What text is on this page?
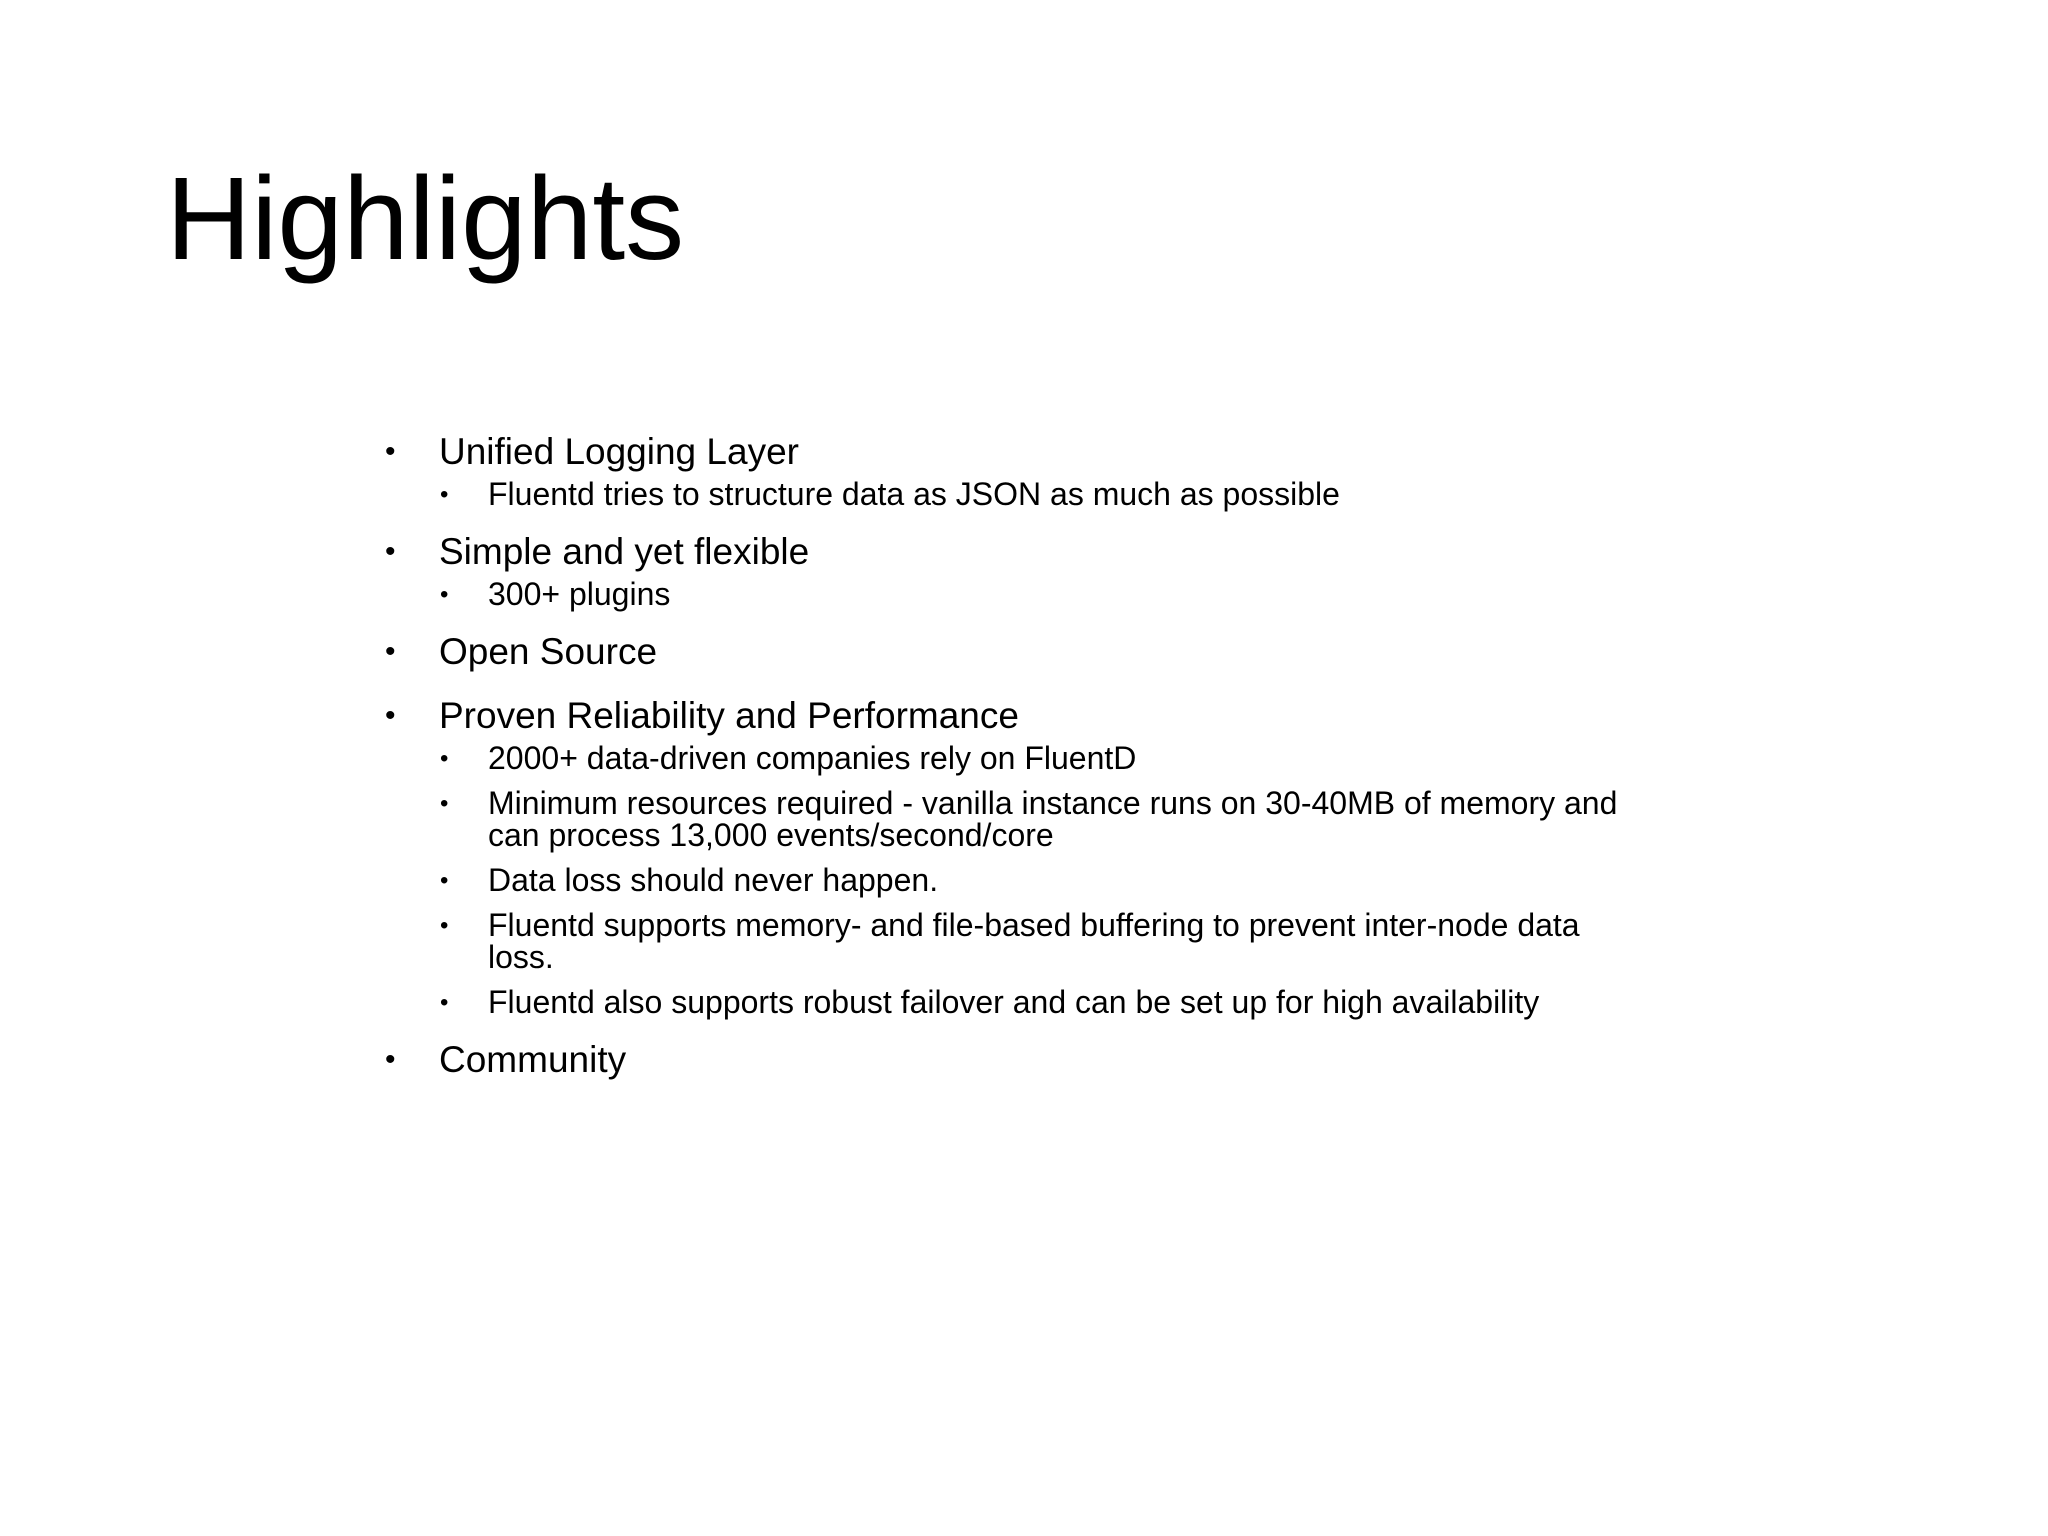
Highlights
• Unified Logging Layer
• Fluentd tries to structure data as JSON as much as possible
• Simple and yet flexible
• 300+ plugins
• Open Source
• Proven Reliability and Performance
• 2000+ data-driven companies rely on FluentD
• Minimum resources required - vanilla instance runs on 30-40MB of memory and can process 13,000 events/second/core
• Data loss should never happen.
• Fluentd supports memory- and file-based buffering to prevent inter-node data loss.
• Fluentd also supports robust failover and can be set up for high availability
• Community
